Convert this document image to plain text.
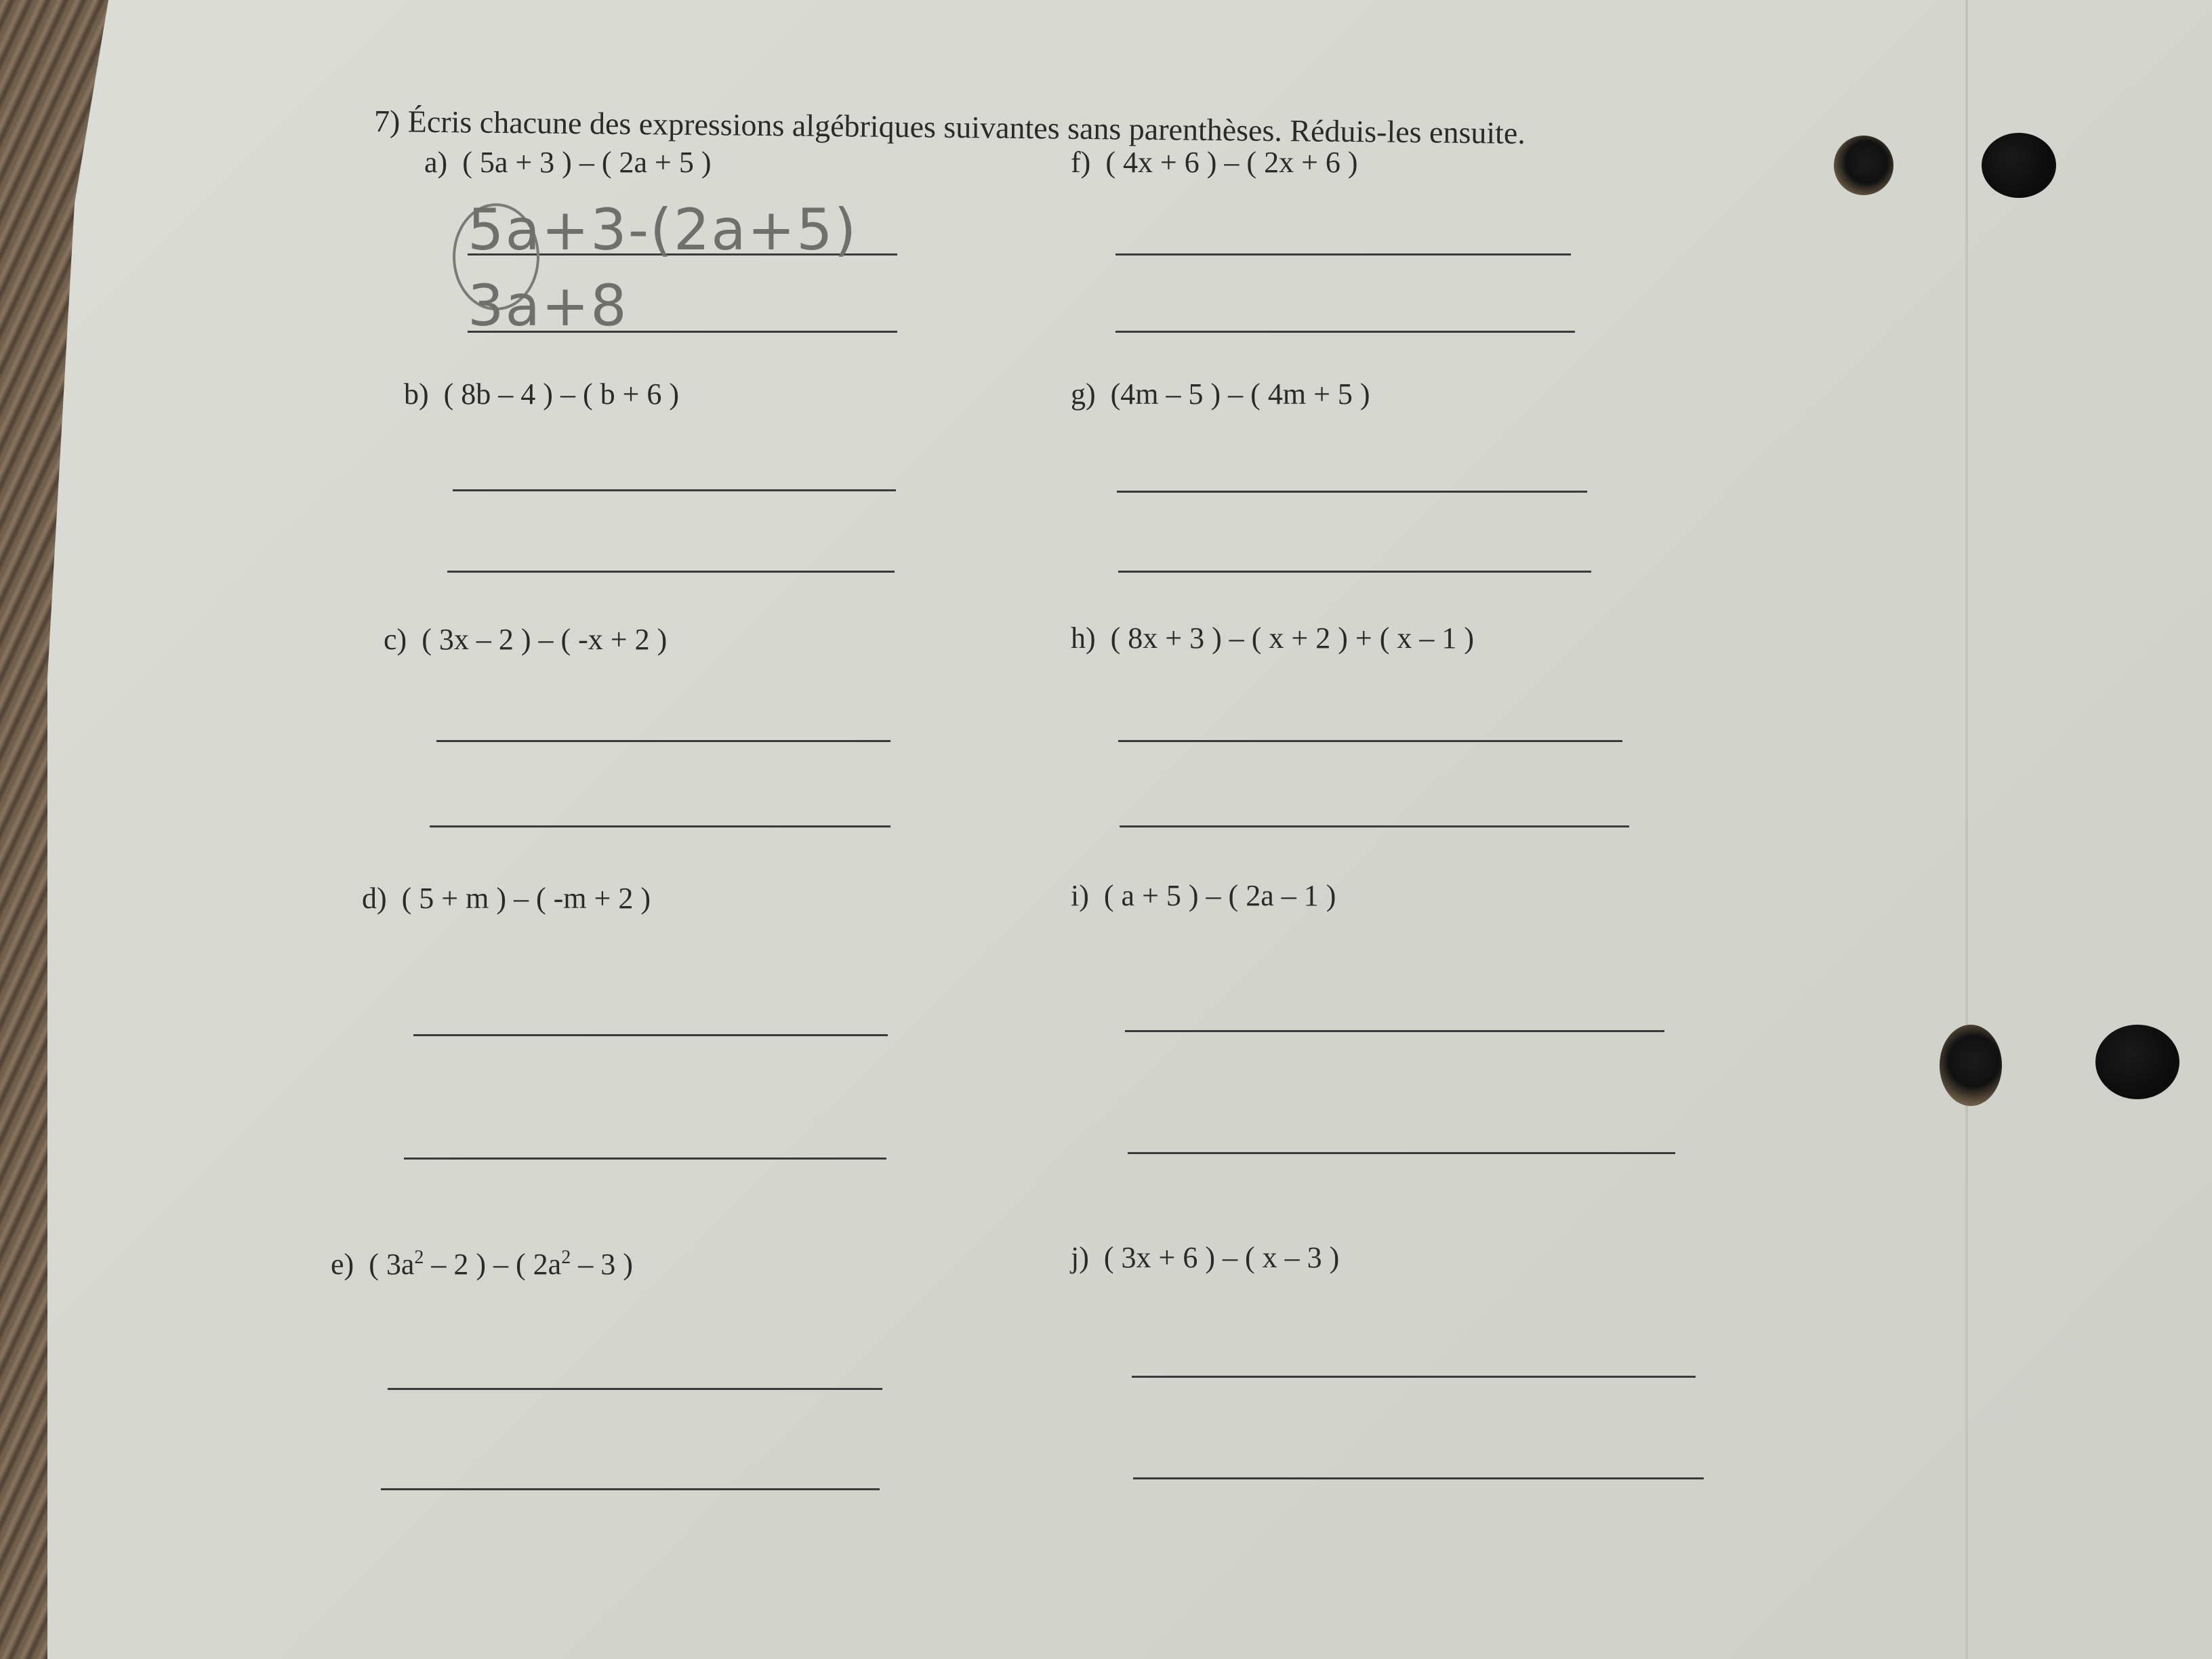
7) Écris chacune des expressions algébriques suivantes sans parenthèses. Réduis-les ensuite.
a) ( 5a + 3 ) – ( 2a + 5 )
5a+3-(2a+5)
3a+8
b) ( 8b – 4 ) – ( b + 6 )
c) ( 3x – 2 ) – ( -x + 2 )
d) ( 5 + m ) – ( -m + 2 )
e) ( $3a^2 - 2$ ) – ( $2a^2 - 3$ )
f) ( 4x + 6 ) – ( 2x + 6 )
g) (4m – 5 ) – ( 4m + 5 )
h) ( 8x + 3 ) – ( x + 2 ) + ( x – 1 )
i) ( a + 5 ) – ( 2a – 1 )
j) ( 3x + 6 ) – ( x – 3 )
